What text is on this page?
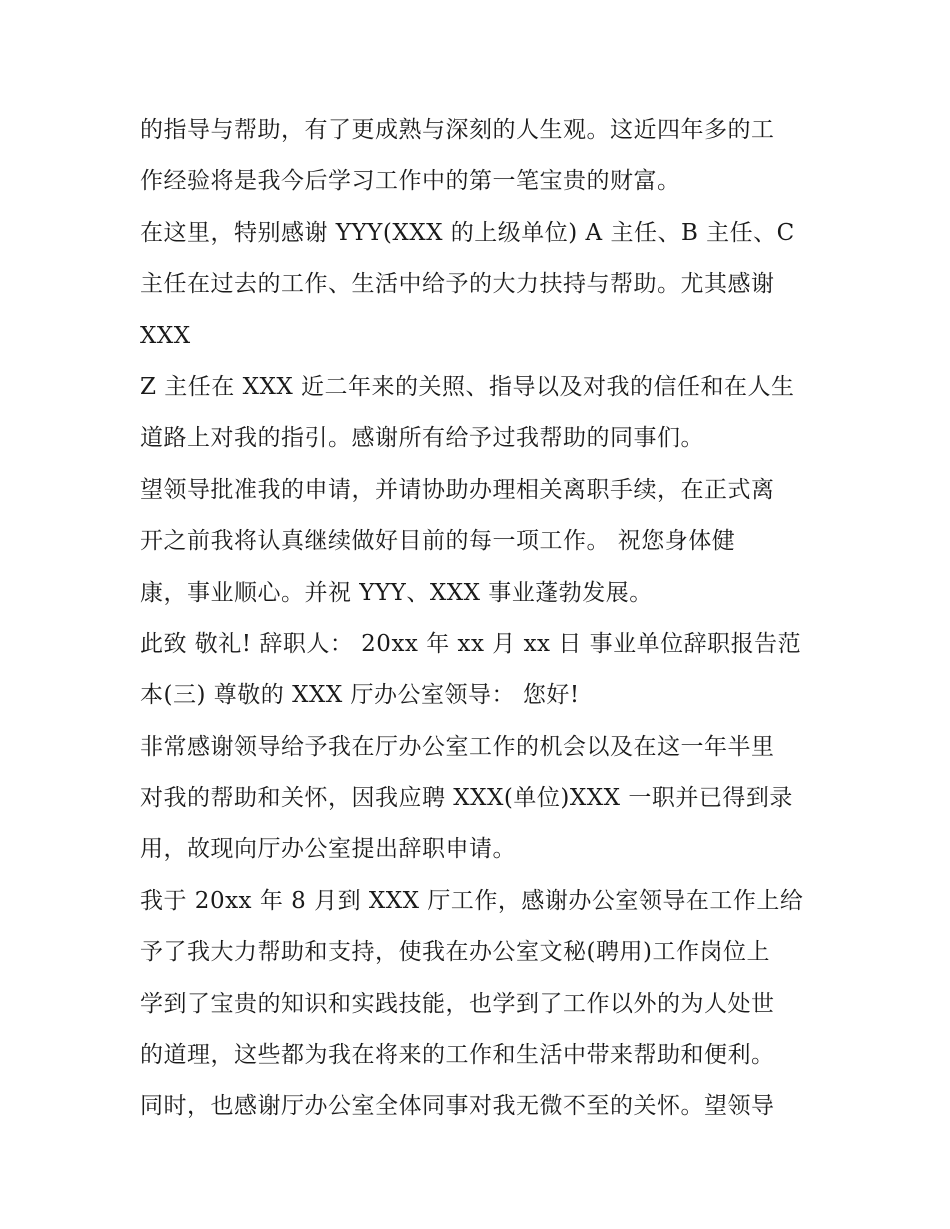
的指导与帮助，有了更成熟与深刻的人生观。这近四年多的工
作经验将是我今后学习工作中的第一笔宝贵的财富。
在这里，特别感谢 YYY(XXX 的上级单位) A 主任、B 主任、C
主任在过去的工作、生活中给予的大力扶持与帮助。尤其感谢
XXX
Z 主任在 XXX 近二年来的关照、指导以及对我的信任和在人生
道路上对我的指引。感谢所有给予过我帮助的同事们。
望领导批准我的申请，并请协助办理相关离职手续，在正式离
开之前我将认真继续做好目前的每一项工作。 祝您身体健
康，事业顺心。并祝 YYY、XXX 事业蓬勃发展。
此致 敬礼! 辞职人： 20xx 年 xx 月 xx 日 事业单位辞职报告范
本(三) 尊敬的 XXX 厅办公室领导： 您好!
非常感谢领导给予我在厅办公室工作的机会以及在这一年半里
对我的帮助和关怀，因我应聘 XXX(单位)XXX 一职并已得到录
用，故现向厅办公室提出辞职申请。
我于 20xx 年 8 月到 XXX 厅工作，感谢办公室领导在工作上给
予了我大力帮助和支持，使我在办公室文秘(聘用)工作岗位上
学到了宝贵的知识和实践技能，也学到了工作以外的为人处世
的道理，这些都为我在将来的工作和生活中带来帮助和便利。
同时，也感谢厅办公室全体同事对我无微不至的关怀。望领导
